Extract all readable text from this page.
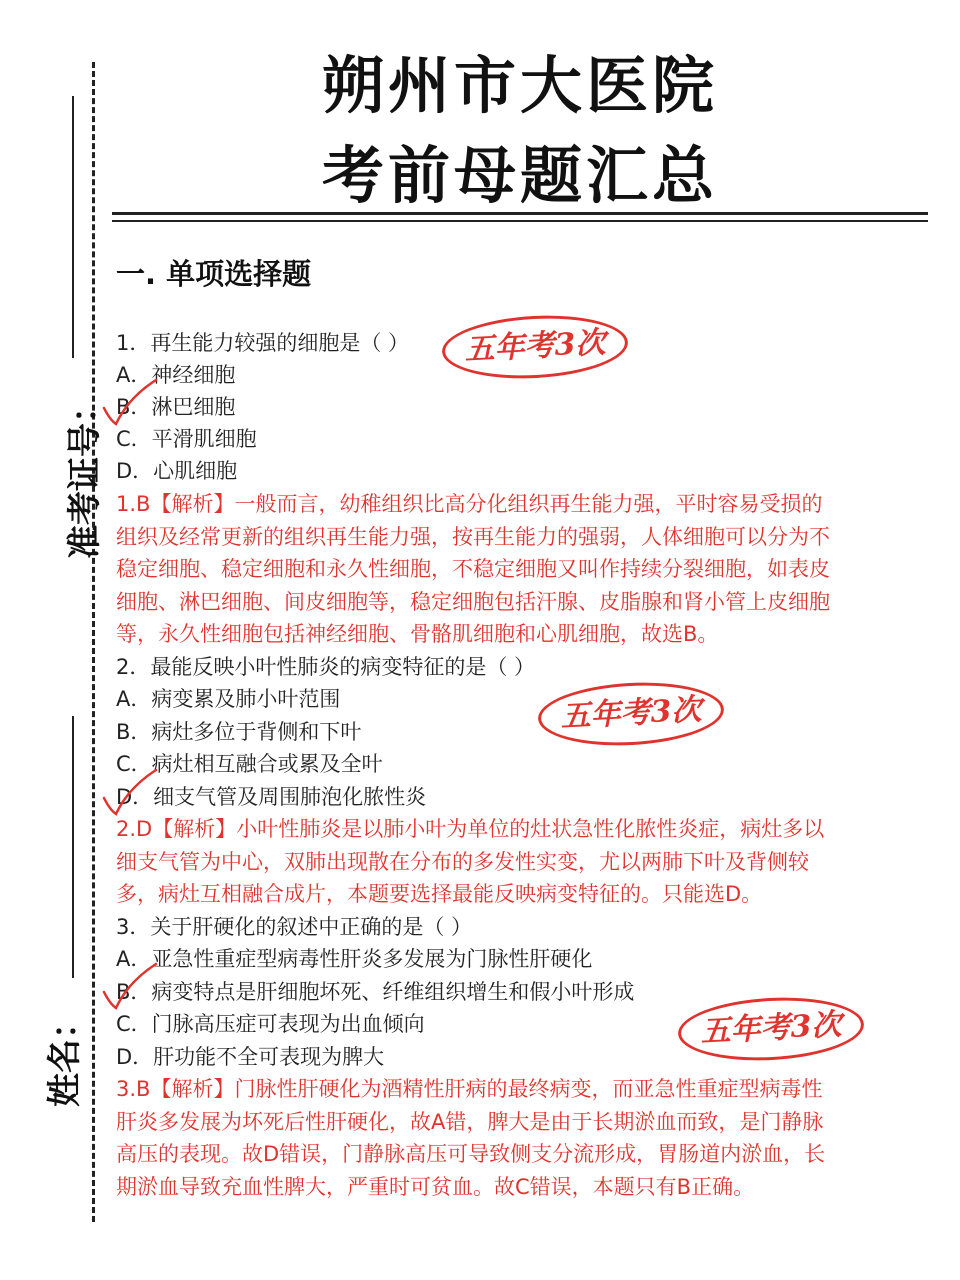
准考证号：
姓名：
朔州市大医院
考前母题汇总
一. 单项选择题
1．再生能力较强的细胞是（ ）
A．神经细胞
B．淋巴细胞
C．平滑肌细胞
D．心肌细胞
1.B【解析】一般而言，幼稚组织比高分化组织再生能力强，平时容易受损的
组织及经常更新的组织再生能力强，按再生能力的强弱，人体细胞可以分为不
稳定细胞、稳定细胞和永久性细胞，不稳定细胞又叫作持续分裂细胞，如表皮
细胞、淋巴细胞、间皮细胞等，稳定细胞包括汗腺、皮脂腺和肾小管上皮细胞
等，永久性细胞包括神经细胞、骨骼肌细胞和心肌细胞，故选B。
2．最能反映小叶性肺炎的病变特征的是（ ）
A．病变累及肺小叶范围
B．病灶多位于背侧和下叶
C．病灶相互融合或累及全叶
D．细支气管及周围肺泡化脓性炎
2.D【解析】小叶性肺炎是以肺小叶为单位的灶状急性化脓性炎症，病灶多以
细支气管为中心，双肺出现散在分布的多发性实变，尤以两肺下叶及背侧较
多，病灶互相融合成片，本题要选择最能反映病变特征的。只能选D。
3．关于肝硬化的叙述中正确的是（ ）
A．亚急性重症型病毒性肝炎多发展为门脉性肝硬化
B．病变特点是肝细胞坏死、纤维组织增生和假小叶形成
C．门脉高压症可表现为出血倾向
D．肝功能不全可表现为脾大
3.B【解析】门脉性肝硬化为酒精性肝病的最终病变，而亚急性重症型病毒性
肝炎多发展为坏死后性肝硬化，故A错，脾大是由于长期淤血而致，是门静脉
高压的表现。故D错误，门静脉高压可导致侧支分流形成，胃肠道内淤血，长
期淤血导致充血性脾大，严重时可贫血。故C错误，本题只有B正确。
五年考3次
五年考3次
五年考3次
